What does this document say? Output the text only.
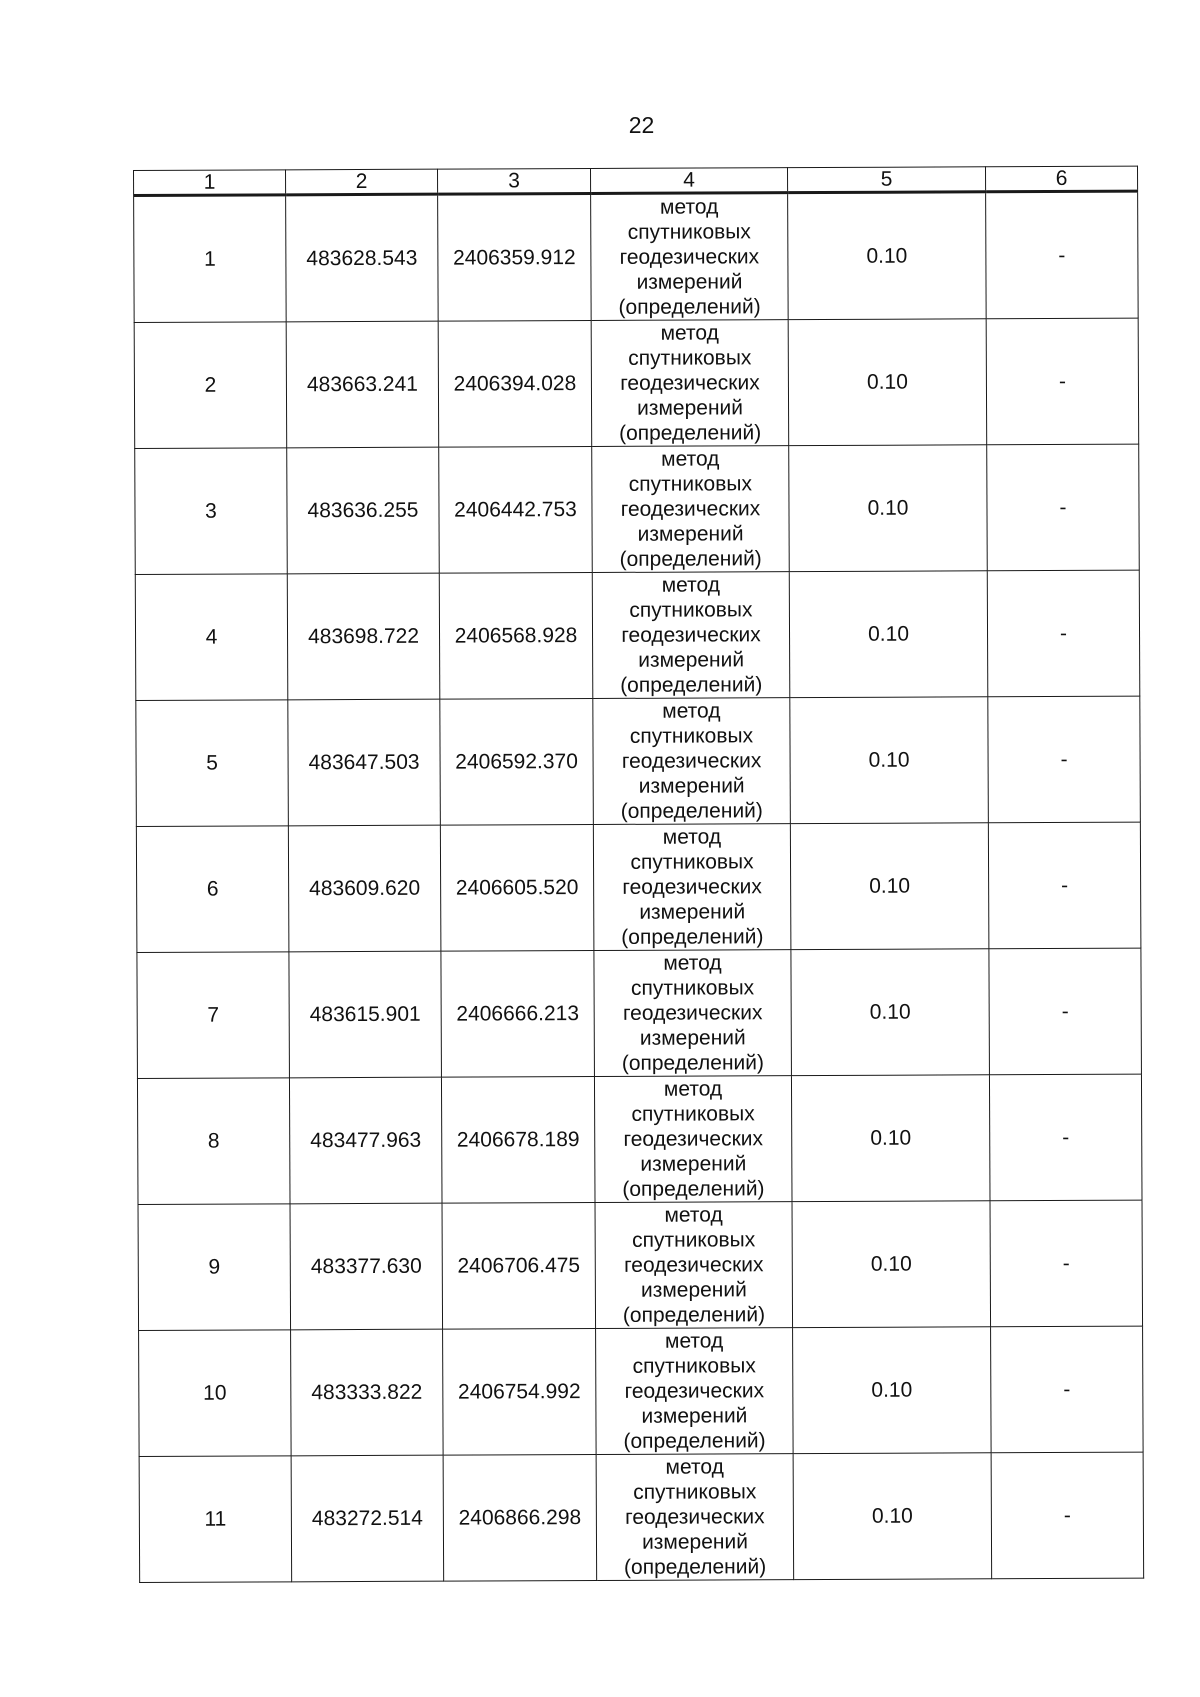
22
1	2	3	4	5	6
1	483628.543	2406359.912	метод
спутниковых
геодезических
измерений
(определений)	0.10	-
2	483663.241	2406394.028	метод
спутниковых
геодезических
измерений
(определений)	0.10	-
3	483636.255	2406442.753	метод
спутниковых
геодезических
измерений
(определений)	0.10	-
4	483698.722	2406568.928	метод
спутниковых
геодезических
измерений
(определений)	0.10	-
5	483647.503	2406592.370	метод
спутниковых
геодезических
измерений
(определений)	0.10	-
6	483609.620	2406605.520	метод
спутниковых
геодезических
измерений
(определений)	0.10	-
7	483615.901	2406666.213	метод
спутниковых
геодезических
измерений
(определений)	0.10	-
8	483477.963	2406678.189	метод
спутниковых
геодезических
измерений
(определений)	0.10	-
9	483377.630	2406706.475	метод
спутниковых
геодезических
измерений
(определений)	0.10	-
10	483333.822	2406754.992	метод
спутниковых
геодезических
измерений
(определений)	0.10	-
11	483272.514	2406866.298	метод
спутниковых
геодезических
измерений
(определений)	0.10	-
